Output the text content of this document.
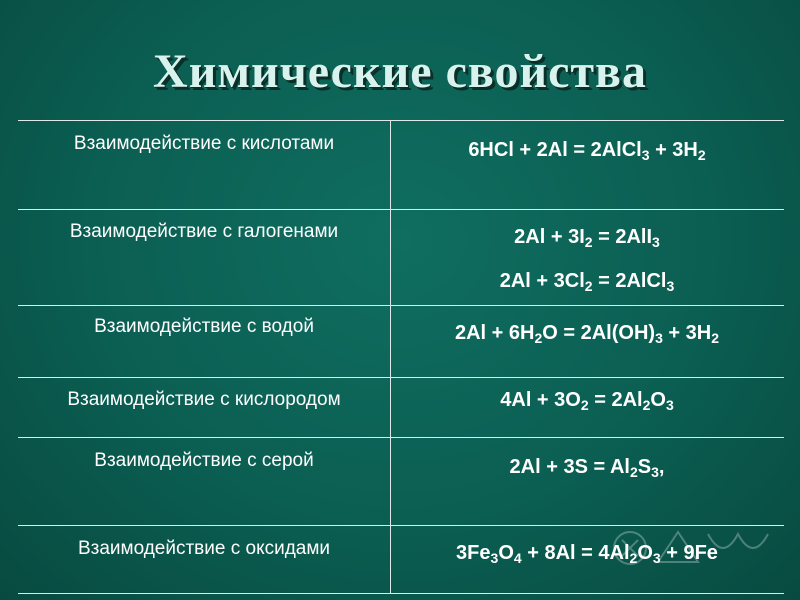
Химические свойства
Взаимодействие с кислотами	6HCl + 2Al = 2AlCl$_3$ + $3H_2$
Взаимодействие с галогенами	$2Al + 3I_2 = 2AlI_3$
$2Al + 3Cl_2$ = 2AlCl$_3$
Взаимодействие с водой	$2Al + 6H_2O = 2Al(OH)_3 + 3H_2$
Взаимодействие с кислородом	$4Al + 3O_2 = 2Al_2O_3$
Взаимодействие с серой	$2Al + 3S = Al_2S_3$,
Взаимодействие с оксидами	$3Fe_3O_4 + 8Al = 4Al_2O_3 + 9Fe$
